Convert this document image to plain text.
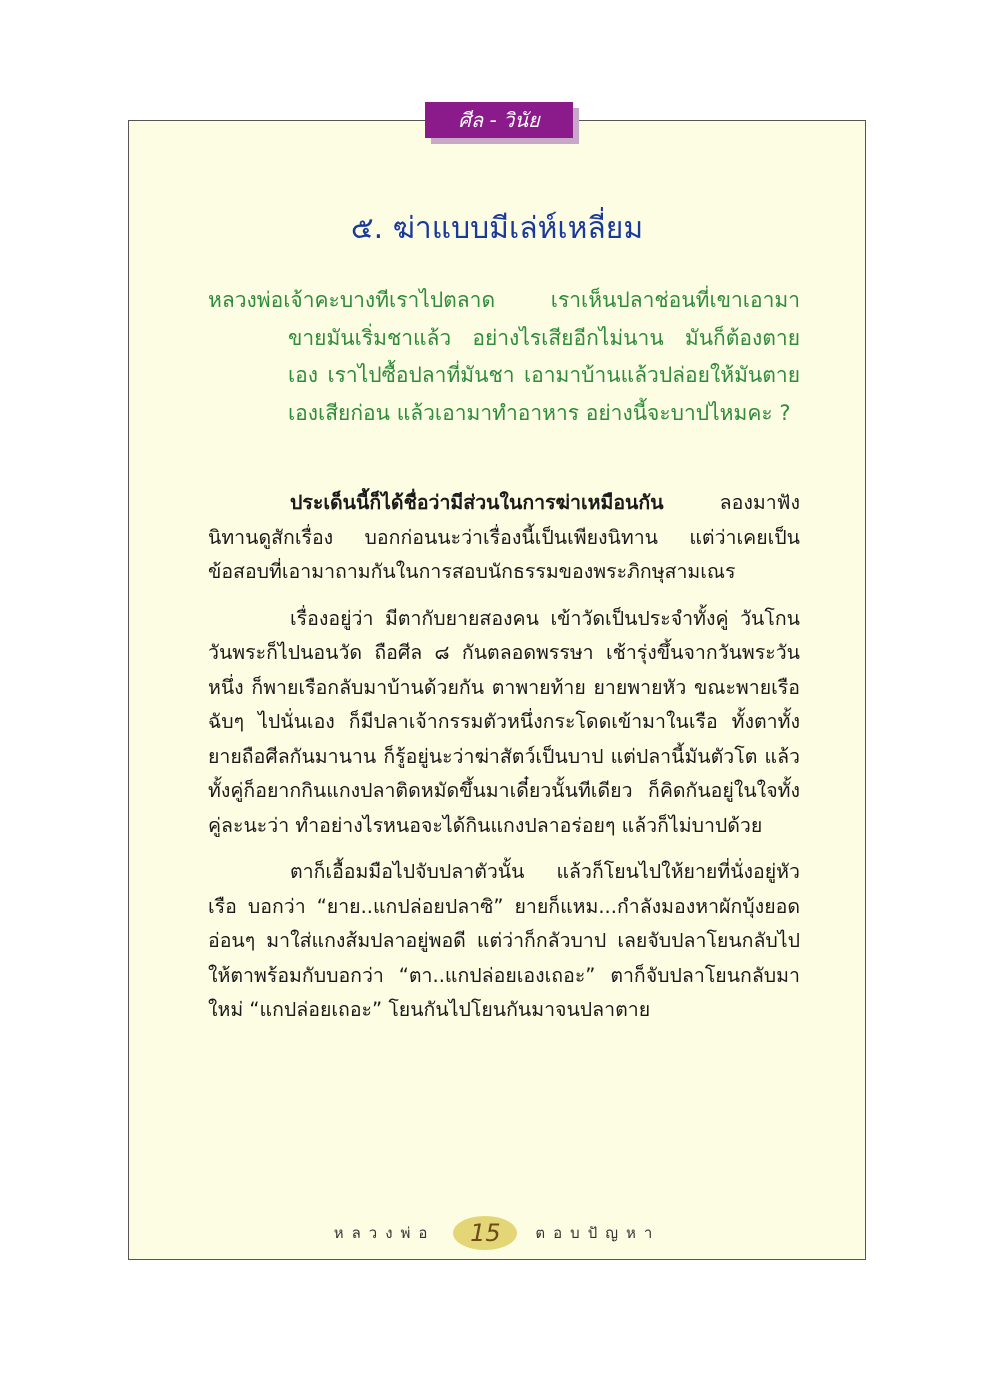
ศีล - วินัย
๕. ฆ่าแบบมีเล่ห์เหลี่ยม
หลวงพ่อเจ้าคะบางทีเราไปตลาด เราเห็นปลาช่อนที่เขาเอามา
ขายมันเริ่มชาแล้ว อย่างไรเสียอีกไม่นาน มันก็ต้องตายเอง เราไปซื้อปลาที่มันชา เอามาบ้านแล้วปล่อยให้มันตายเองเสียก่อน แล้วเอามาทำอาหาร อย่างนี้จะบาปไหมคะ ?

ประเด็นนี้ก็ได้ชื่อว่ามีส่วนในการฆ่าเหมือนกัน ลองมาฟังนิทานดูสักเรื่อง บอกก่อนนะว่าเรื่องนี้เป็นเพียงนิทาน แต่ว่าเคยเป็นข้อสอบที่เอามาถามกันในการสอบนักธรรมของพระภิกษุสามเณร

เรื่องอยู่ว่า มีตากับยายสองคน เข้าวัดเป็นประจำทั้งคู่ วันโกนวันพระก็ไปนอนวัด ถือศีล ๘ กันตลอดพรรษา เช้ารุ่งขึ้นจากวันพระวันหนึ่ง ก็พายเรือกลับมาบ้านด้วยกัน ตาพายท้าย ยายพายหัว ขณะพายเรือฉับๆ ไปนั่นเอง ก็มีปลาเจ้ากรรมตัวหนึ่งกระโดดเข้ามาในเรือ ทั้งตาทั้งยายถือศีลกันมานาน ก็รู้อยู่นะว่าฆ่าสัตว์เป็นบาป แต่ปลานี้มันตัวโต แล้วทั้งคู่ก็อยากกินแกงปลาติดหมัดขึ้นมาเดี๋ยวนั้นทีเดียว ก็คิดกันอยู่ในใจทั้งคู่ละนะว่า ทำอย่างไรหนอจะได้กินแกงปลาอร่อยๆ แล้วก็ไม่บาปด้วย

ตาก็เอื้อมมือไปจับปลาตัวนั้น แล้วก็โยนไปให้ยายที่นั่งอยู่หัวเรือ บอกว่า “ยาย..แกปล่อยปลาซิ” ยายก็แหม...กำลังมองหาผักบุ้งยอดอ่อนๆ มาใส่แกงส้มปลาอยู่พอดี แต่ว่าก็กลัวบาป เลยจับปลาโยนกลับไปให้ตาพร้อมกับบอกว่า “ตา..แกปล่อยเองเถอะ” ตาก็จับปลาโยนกลับมาใหม่ “แกปล่อยเถอะ” โยนกันไปโยนกันมาจนปลาตาย

หลวงพ่อ 15 ตอบปัญหา
